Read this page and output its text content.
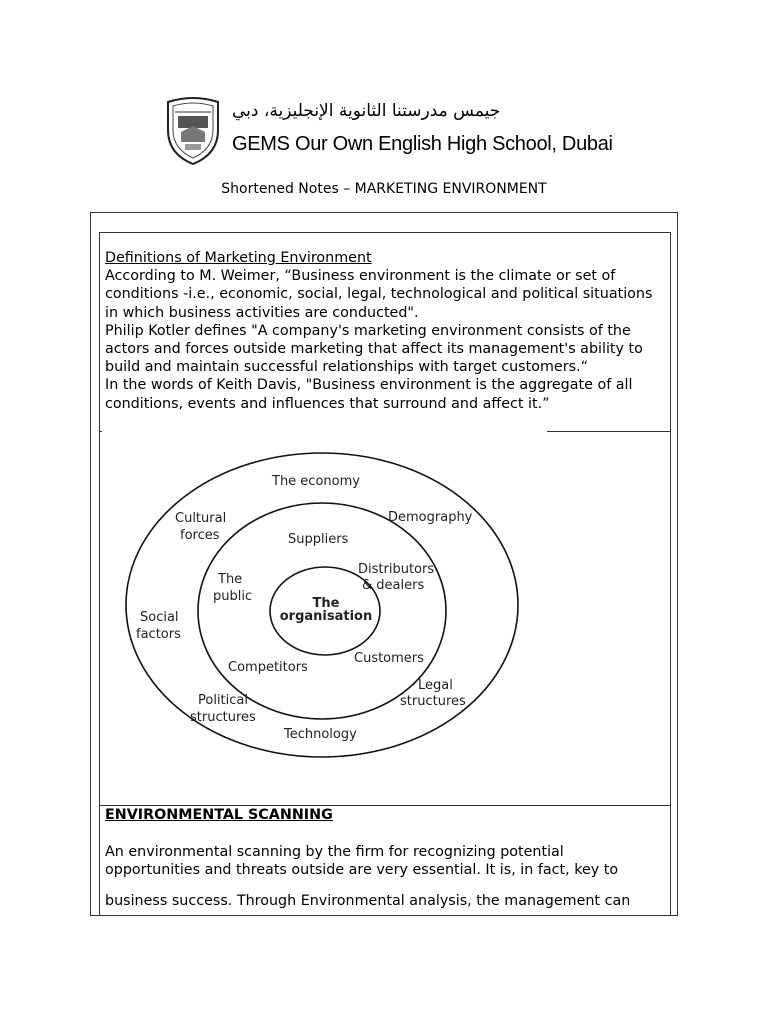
جيمس مدرستنا الثانوية الإنجليزية، دبي
GEMS Our Own English High School, Dubai
Shortened Notes – MARKETING ENVIRONMENT

Definitions of Marketing Environment

According to M. Weimer, “Business environment is the climate or set of conditions -i.e., economic, social, legal, technological and political situations in which business activities are conducted".

Philip Kotler defines "A company's marketing environment consists of the actors and forces outside marketing that affect its management's ability to build and maintain successful relationships with target customers.“

In the words of Keith Davis, "Business environment is the aggregate of all conditions, events and influences that surround and affect it.”

The
organisation
Suppliers
Distributors
& dealers
The
public
Competitors
Customers
The economy
Demography
Cultural
forces
Social
factors
Political
structures
Technology
Legal
structures
ENVIRONMENTAL SCANNING

An environmental scanning by the firm for recognizing potential

opportunities and threats outside are very essential. It is, in fact, key to

business success. Through Environmental analysis, the management can
